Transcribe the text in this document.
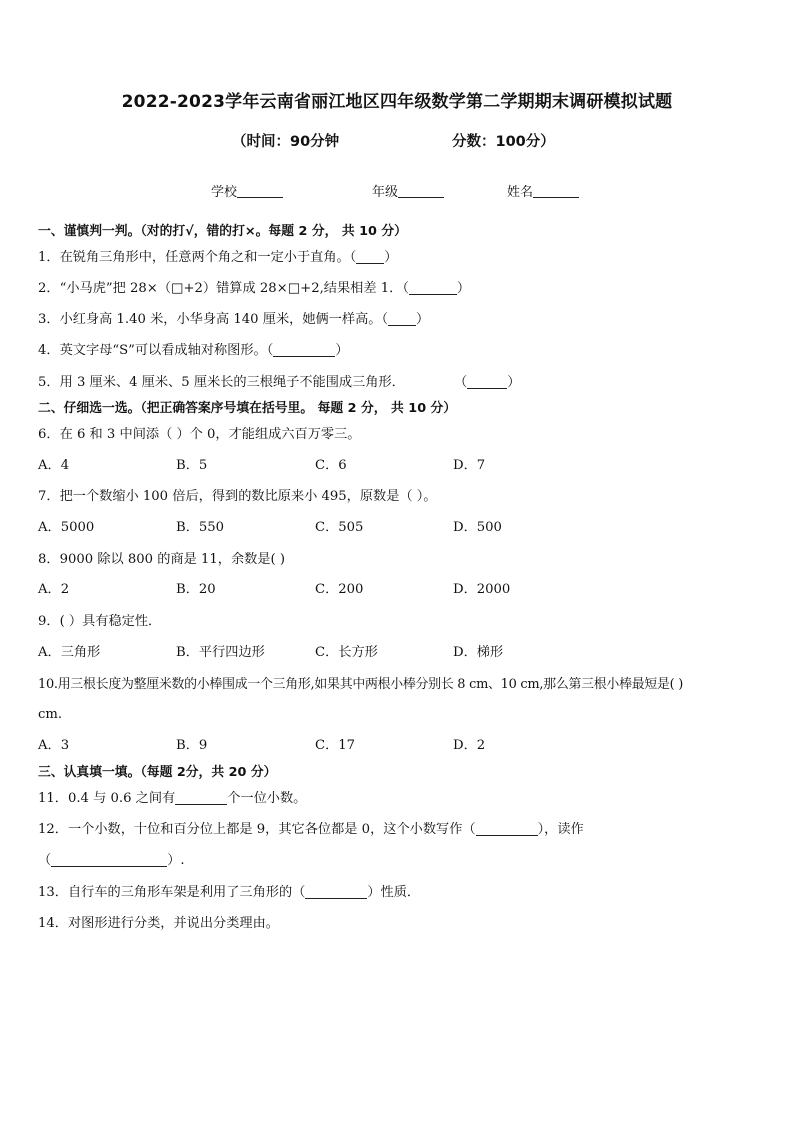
2022-2023学年云南省丽江地区四年级数学第二学期期末调研模拟试题
（时间：90分钟	分数：100分）
学校	年级	姓名
一、谨慎判一判。（对的打√，错的打×。每题 2 分， 共 10 分）
1．在锐角三角形中，任意两个角之和一定小于直角。（ ）
2．“小马虎”把 28×（□+2）错算成 28×□+2,结果相差 1．（	）
3．小红身高 1.40 米，小华身高 140 厘米，她俩一样高。（ ）
4．英文字母“S”可以看成轴对称图形。（	）
5．用 3 厘米、4 厘米、5 厘米长的三根绳子不能围成三角形．	（	）
二、仔细选一选。（把正确答案序号填在括号里。 每题 2 分， 共 10 分）
6．在 6 和 3 中间添（ ）个 0，才能组成六百万零三。
A．4	B．5	C．6	D．7
7．把一个数缩小 100 倍后，得到的数比原来小 495，原数是（ ）。
A．5000	B．550	C．505	D．500
8．9000 除以 800 的商是 11，余数是( )
A．2	B．20	C．200	D．2000
9．( ）具有稳定性．
A．三角形	B．平行四边形	C．长方形	D．梯形
10.用三根长度为整厘米数的小棒围成一个三角形,如果其中两根小棒分别长 8 cm、10 cm,那么第三根小棒最短是( )
cm.
A．3	B．9	C．17	D．2
三、认真填一填。（每题 2分，共 20 分）
11．0.4 与 0.6 之间有	个一位小数。
12．一个小数，十位和百分位上都是 9，其它各位都是 0，这个小数写作（	），读作
（	）.
13．自行车的三角形车架是利用了三角形的（	）性质．
14．对图形进行分类，并说出分类理由。
